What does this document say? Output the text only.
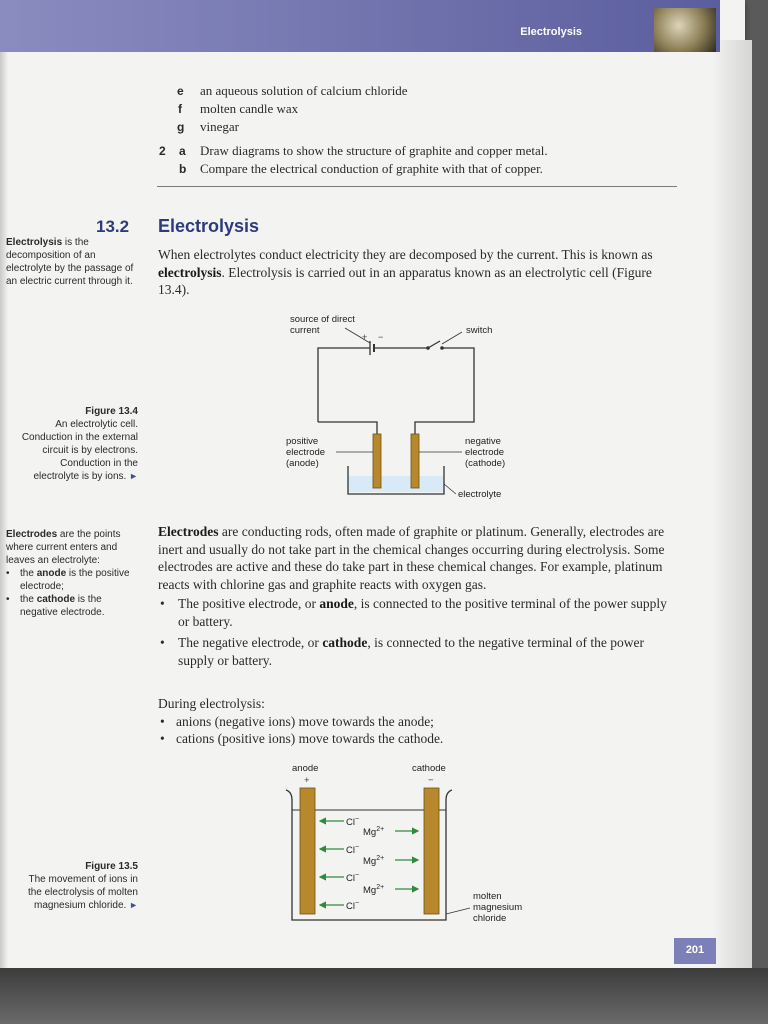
Electrolysis
e an aqueous solution of calcium chloride
f molten candle wax
g vinegar
2 a Draw diagrams to show the structure of graphite and copper metal.
b Compare the electrical conduction of graphite with that of copper.
13.2 Electrolysis
When electrolytes conduct electricity they are decomposed by the current. This is known as electrolysis. Electrolysis is carried out in an apparatus known as an electrolytic cell (Figure 13.4).
Electrolysis is the decomposition of an electrolyte by the passage of an electric current through it.
Figure 13.4
An electrolytic cell. Conduction in the external circuit is by electrons. Conduction in the electrolyte is by ions. ►
source of direct
current	switch
+ −
positive
electrode
(anode)
negative
electrode
(cathode)
electrolyte
Electrodes are the points where current enters and leaves an electrolyte:
• the anode is the positive electrode;
• the cathode is the negative electrode.
Electrodes are conducting rods, often made of graphite or platinum. Generally, electrodes are inert and usually do not take part in the chemical changes occurring during electrolysis. Some electrodes are active and these do take part in these chemical changes. For example, platinum reacts with chlorine gas and graphite reacts with oxygen gas.
• The positive electrode, or anode, is connected to the positive terminal of the power supply or battery.
• The negative electrode, or cathode, is connected to the negative terminal of the power supply or battery.
During electrolysis:
• anions (negative ions) move towards the anode;
• cations (positive ions) move towards the cathode.
Figure 13.5
The movement of ions in the electrolysis of molten magnesium chloride. ►
anode
+
cathode
−
Cl−
Cl−
Cl−
Cl−
$Mg^{2+}$
$Mg^{2+}$
$Mg^{2+}$
molten
magnesium
chloride
201
